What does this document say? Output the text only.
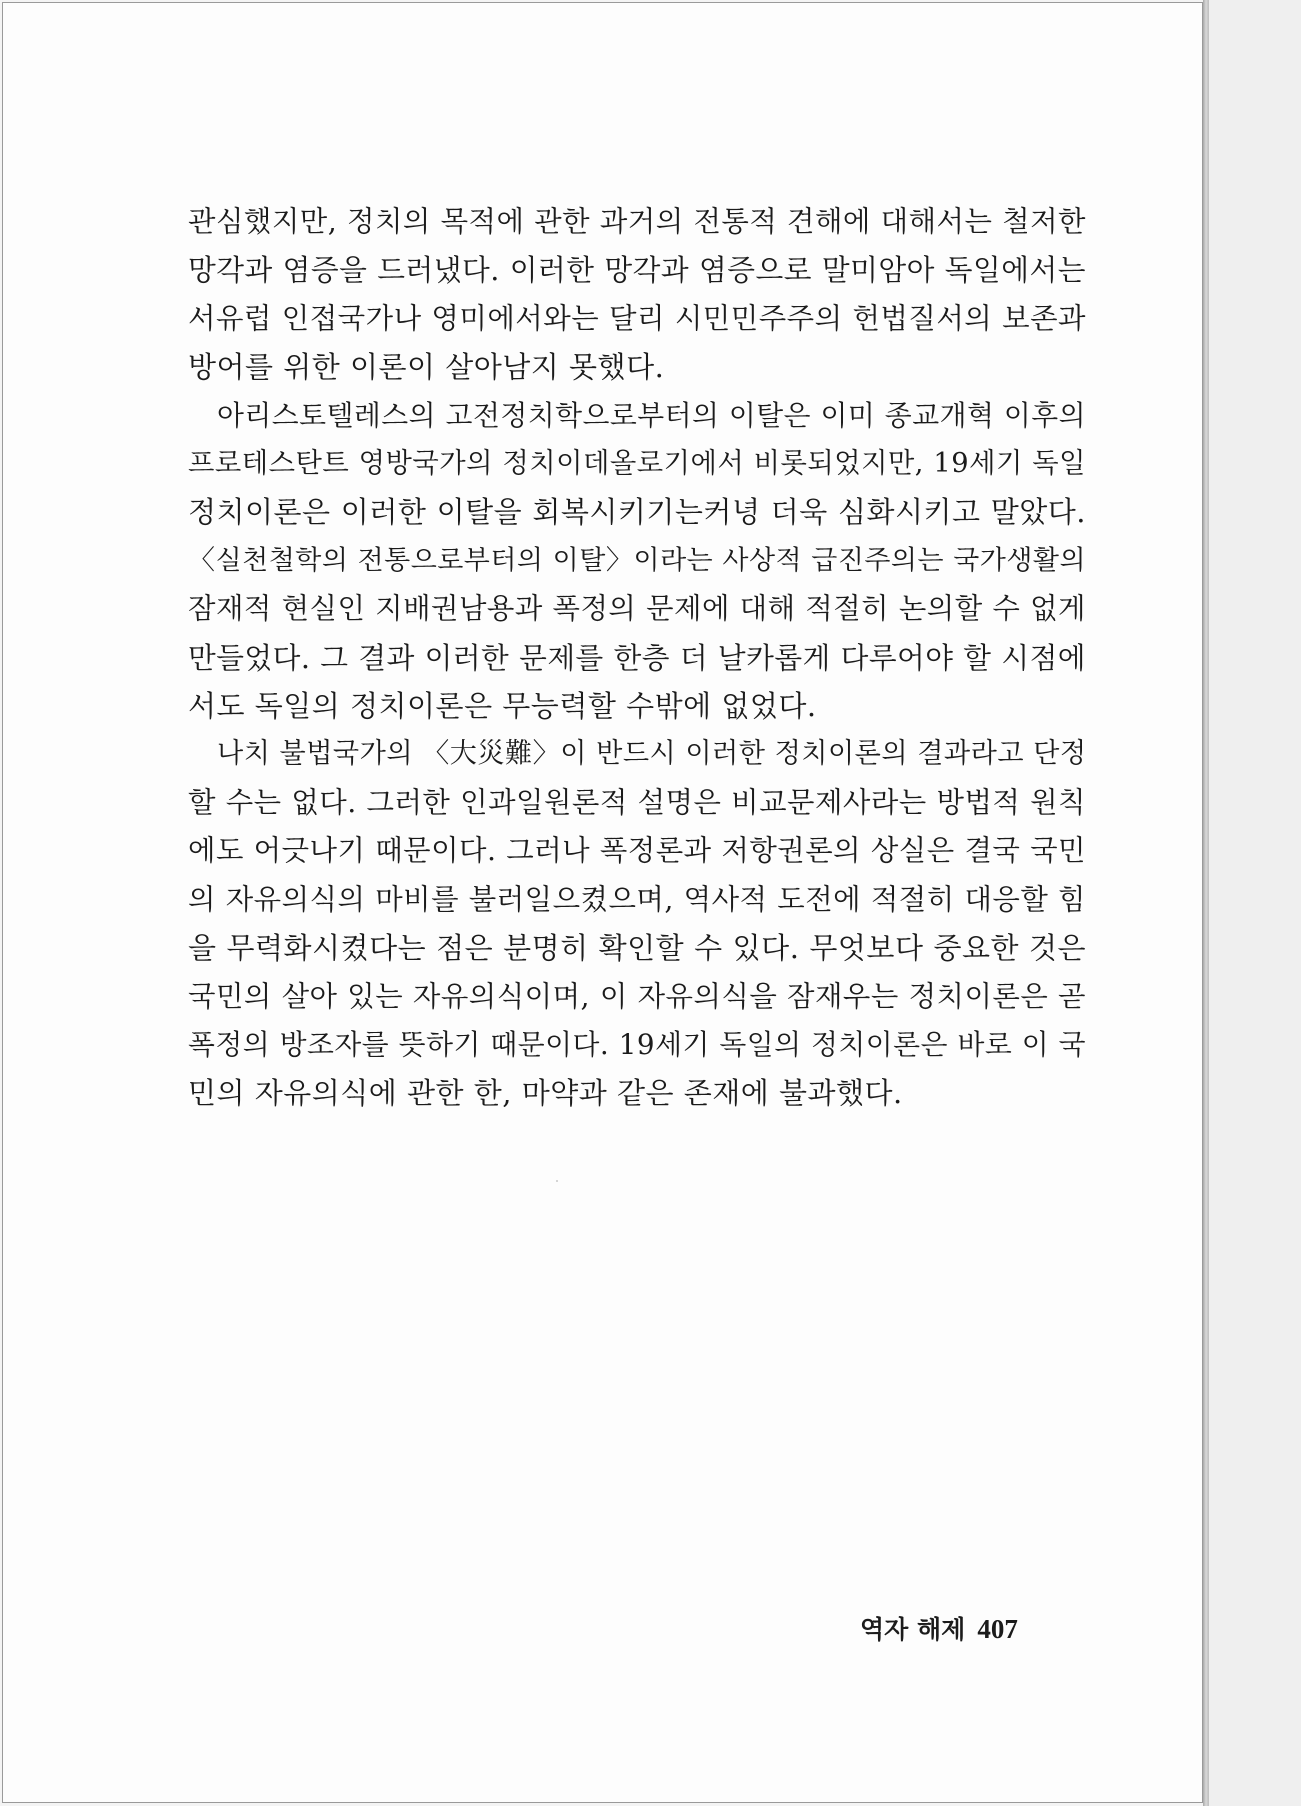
관심했지만, 정치의 목적에 관한 과거의 전통적 견해에 대해서는 철저한
망각과 염증을 드러냈다. 이러한 망각과 염증으로 말미암아 독일에서는
서유럽 인접국가나 영미에서와는 달리 시민민주주의 헌법질서의 보존과
방어를 위한 이론이 살아남지 못했다.

아리스토텔레스의 고전정치학으로부터의 이탈은 이미 종교개혁 이후의
프로테스탄트 영방국가의 정치이데올로기에서 비롯되었지만, 19세기 독일
정치이론은 이러한 이탈을 회복시키기는커녕 더욱 심화시키고 말았다.
〈실천철학의 전통으로부터의 이탈〉이라는 사상적 급진주의는 국가생활의
잠재적 현실인 지배권남용과 폭정의 문제에 대해 적절히 논의할 수 없게
만들었다. 그 결과 이러한 문제를 한층 더 날카롭게 다루어야 할 시점에
서도 독일의 정치이론은 무능력할 수밖에 없었다.

나치 불법국가의 〈大災難〉이 반드시 이러한 정치이론의 결과라고 단정
할 수는 없다. 그러한 인과일원론적 설명은 비교문제사라는 방법적 원칙
에도 어긋나기 때문이다. 그러나 폭정론과 저항권론의 상실은 결국 국민
의 자유의식의 마비를 불러일으켰으며, 역사적 도전에 적절히 대응할 힘
을 무력화시켰다는 점은 분명히 확인할 수 있다. 무엇보다 중요한 것은
국민의 살아 있는 자유의식이며, 이 자유의식을 잠재우는 정치이론은 곧
폭정의 방조자를 뜻하기 때문이다. 19세기 독일의 정치이론은 바로 이 국
민의 자유의식에 관한 한, 마약과 같은 존재에 불과했다.

역자 해제 407
